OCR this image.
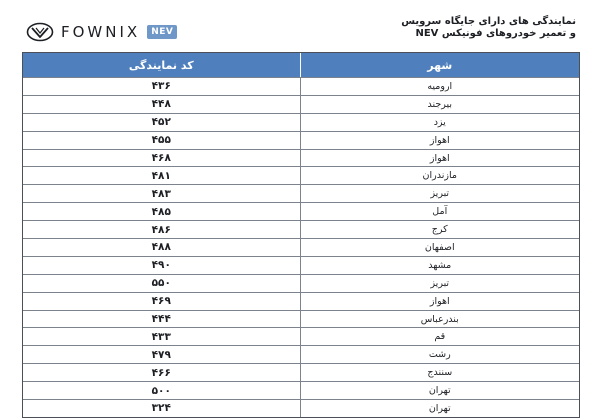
FOWNIX	NEV
نمایندگی های دارای جایگاه سرویس
و تعمیر خودروهای فونیکس NEV
کد نمایندگی	شهر
۴۳۶	ارومیه
۴۴۸	بیرجند
۴۵۲	یزد
۴۵۵	اهواز
۴۶۸	اهواز
۴۸۱	مازندران
۴۸۳	تبریز
۴۸۵	آمل
۴۸۶	کرج
۴۸۸	اصفهان
۴۹۰	مشهد
۵۵۰	تبریز
۴۶۹	اهواز
۴۴۴	بندرعباس
۴۳۳	قم
۴۷۹	رشت
۴۶۶	سنندج
۵۰۰	تهران
۳۲۴	تهران
